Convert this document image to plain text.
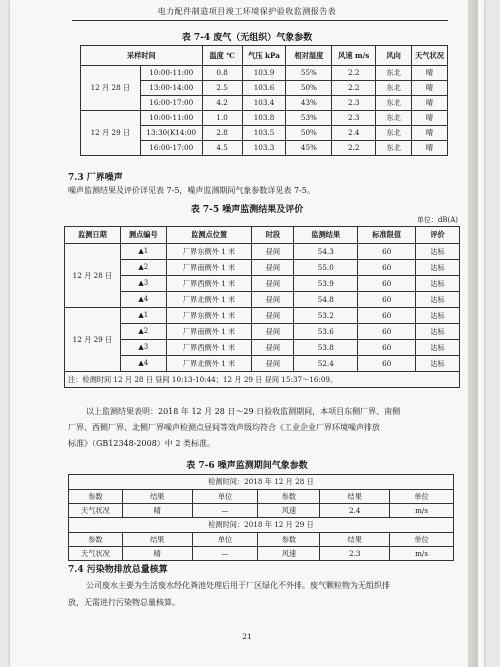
电力配件制造项目竣工环境保护验收监测报告表
表 7-4 废气（无组织）气象参数
采样时间		温度 ℃	气压 kPa	相对湿度	风速 m/s	风向	天气状况
12 月 28 日	10:00-11:00	0.8	103.9	55%	2.2	东北	晴
	13:00-14:00	2.5	103.6	50%	2.2	东北	晴
	16:00-17:00	4.2	103.4	43%	2.3	东北	晴
12 月 29 日	10:00-11:00	1.0	103.8	53%	2.3	东北	晴
	13:30(K14:00	2.8	103.5	50%	2.4	东北	晴
	16:00-17:00	4.5	103.3	45%	2.2	东北	晴
7.3 厂界噪声
噪声监测结果及评价详见表 7-5，噪声监测期间气象参数详见表 7-5。
表 7-5 噪声监测结果及评价
单位：dB(A)
监测日期	测点编号	监测点位置	时段	监测结果	标准限值	评价
12 月 28 日	▲1	厂界东侧外 1 米	昼间	54.3	60	达标
	▲2	厂界南侧外 1 米	昼间	55.0	60	达标
	▲3	厂界西侧外 1 米	昼间	53.9	60	达标
	▲4	厂界北侧外 1 米	昼间	54.8	60	达标
12 月 29 日	▲1	厂界东侧外 1 米	昼间	53.2	60	达标
	▲2	厂界南侧外 1 米	昼间	53.6	60	达标
	▲3	厂界西侧外 1 米	昼间	53.8	60	达标
	▲4	厂界北侧外 1 米	昼间	52.4	60	达标
注：检测时间 12 月 28 日 昼间 10:13-10:44；12 月 29 日 昼间 15:37～16:09。						
以上监测结果表明：2018 年 12 月 28 日～29 日验收监测期间，本项目东侧厂界、南侧
厂界、西侧厂界、北侧厂界噪声检测点昼间等效声级均符合《工业企业厂界环境噪声排放
标准》（GB12348-2008）中 2 类标准。
表 7-6 噪声监测期间气象参数
检测时间：2018 年 12 月 28 日					
参数	结果	单位	参数	结果	单位
天气状况	晴	—	风速	2.4	m/s
检测时间：2018 年 12 月 29 日					
参数	结果	单位	参数	结果	单位
天气状况	晴	—	风速	2.3	m/s
7.4 污染物排放总量核算
公司废水主要为生活废水经化粪池处理后用于厂区绿化不外排。废气颗粒物为无组织排
放，无需进行污染物总量核算。
21
